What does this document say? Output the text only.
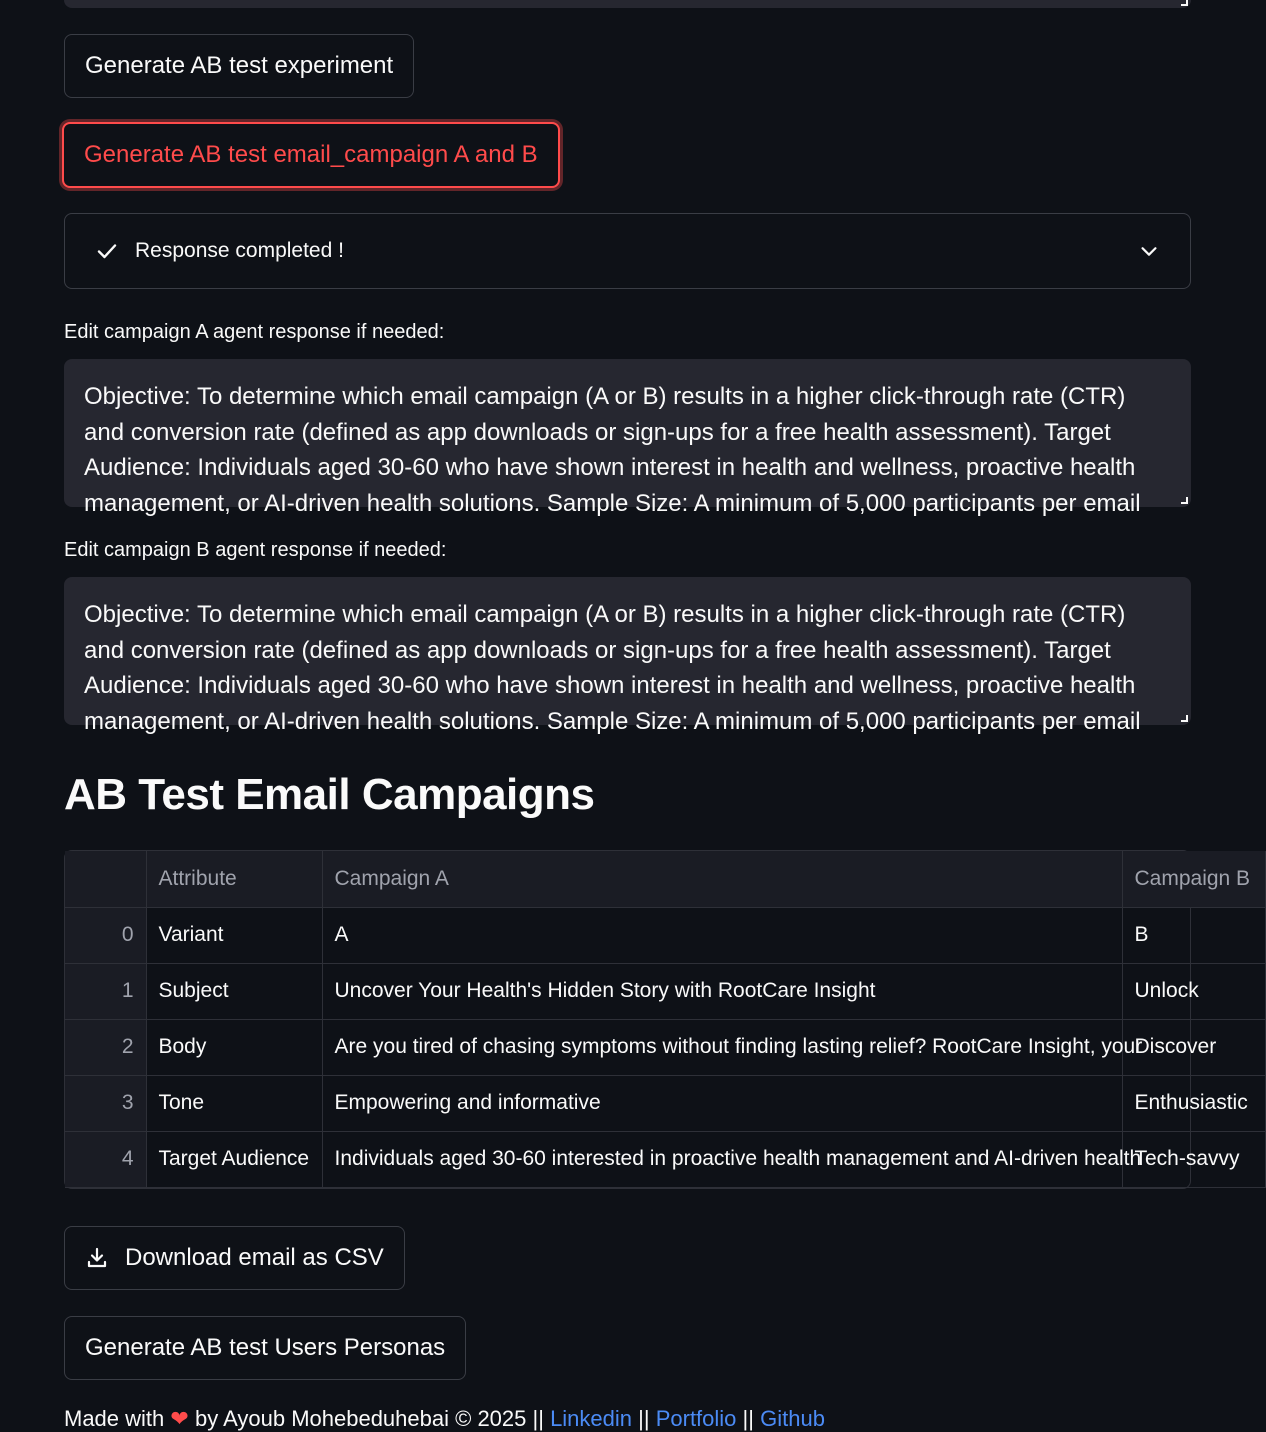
Generate AB test experiment
Generate AB test email_campaign A and B
Response completed !
Edit campaign A agent response if needed:
Objective: To determine which email campaign (A or B) results in a higher click-through rate (CTR) and conversion rate (defined as app downloads or sign-ups for a free health assessment). Target Audience: Individuals aged 30-60 who have shown interest in health and wellness, proactive health management, or AI-driven health solutions. Sample Size: A minimum of 5,000 participants per email
Edit campaign B agent response if needed:
Objective: To determine which email campaign (A or B) results in a higher click-through rate (CTR) and conversion rate (defined as app downloads or sign-ups for a free health assessment). Target Audience: Individuals aged 30-60 who have shown interest in health and wellness, proactive health management, or AI-driven health solutions. Sample Size: A minimum of 5,000 participants per email
AB Test Email Campaigns
	Attribute	Campaign A	Campaign B
0	Variant	A	B
1	Subject	Uncover Your Health's Hidden Story with RootCare Insight	Unlock
2	Body	Are you tired of chasing symptoms without finding lasting relief? RootCare Insight, your	Discover
3	Tone	Empowering and informative	Enthusiastic
4	Target Audience	Individuals aged 30-60 interested in proactive health management and AI-driven health	Tech-savvy
Download email as CSV
Generate AB test Users Personas
Made with ❤ by Ayoub Mohebeduhebai © 2025 || Linkedin || Portfolio || Github
